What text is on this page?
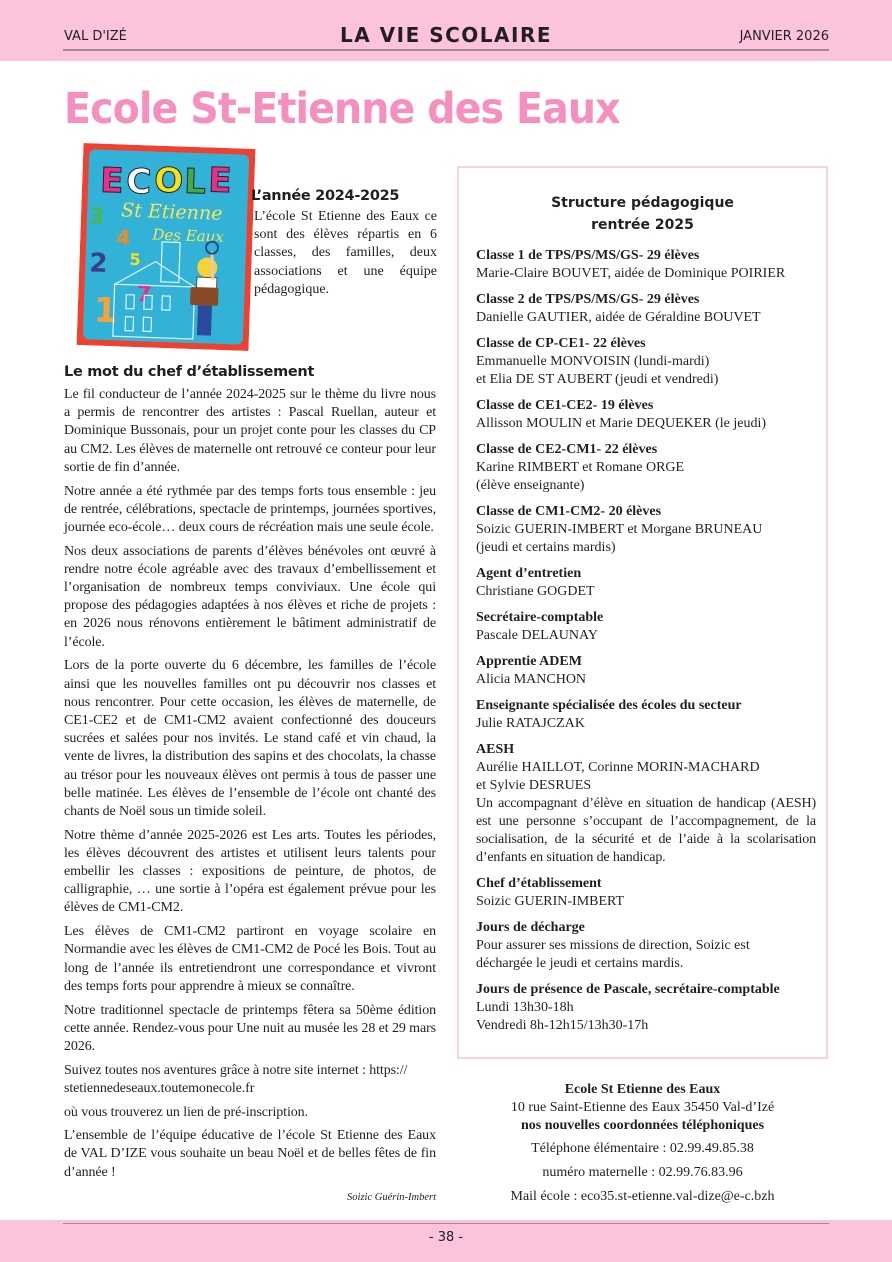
VAL D'IZÉ	LA VIE SCOLAIRE	JANVIER 2026
Ecole St-Etienne des Eaux
E C O L E
St Etienne
Des Eaux
3
4
2 5
7
1
L’année 2024-2025

L’école St Etienne des Eaux ce sont des élèves répartis en 6 classes, des familles, deux associations et une équipe pédagogique.

Le mot du chef d’établissement

Le fil conducteur de l’année 2024-2025 sur le thème du livre nous a permis de rencontrer des artistes : Pascal Ruellan, auteur et Dominique Bussonais, pour un projet conte pour les classes du CP au CM2. Les élèves de maternelle ont retrouvé ce conteur pour leur sortie de fin d’année.

Notre année a été rythmée par des temps forts tous ensemble : jeu de rentrée, célébrations, spectacle de printemps, journées sportives, journée eco-école… deux cours de récréation mais une seule école.

Nos deux associations de parents d’élèves bénévoles ont œuvré à rendre notre école agréable avec des travaux d’embellissement et l’organisation de nombreux temps conviviaux. Une école qui propose des pédagogies adaptées à nos élèves et riche de projets : en 2026 nous rénovons entièrement le bâtiment administratif de l’école.

Lors de la porte ouverte du 6 décembre, les familles de l’école ainsi que les nouvelles familles ont pu découvrir nos classes et nous rencontrer. Pour cette occasion, les élèves de maternelle, de CE1-CE2 et de CM1-CM2 avaient confectionné des douceurs sucrées et salées pour nos invités. Le stand café et vin chaud, la vente de livres, la distribution des sapins et des chocolats, la chasse au trésor pour les nouveaux élèves ont permis à tous de passer une belle matinée. Les élèves de l’ensemble de l’école ont chanté des chants de Noël sous un timide soleil.

Notre thème d’année 2025-2026 est Les arts. Toutes les périodes, les élèves découvrent des artistes et utilisent leurs talents pour embellir les classes : expositions de peinture, de photos, de calligraphie, … une sortie à l’opéra est également prévue pour les élèves de CM1-CM2.

Les élèves de CM1-CM2 partiront en voyage scolaire en Normandie avec les élèves de CM1-CM2 de Pocé les Bois. Tout au long de l’année ils entretiendront une correspondance et vivront des temps forts pour apprendre à mieux se connaître.

Notre traditionnel spectacle de printemps fêtera sa 50ème édition cette année. Rendez-vous pour Une nuit au musée les 28 et 29 mars 2026.

Suivez toutes nos aventures grâce à notre site internet : https://
stetiennedeseaux.toutemonecole.fr

où vous trouverez un lien de pré-inscription.

L’ensemble de l’équipe éducative de l’école St Etienne des Eaux de VAL D’IZE vous souhaite un beau Noël et de belles fêtes de fin d’année !

Soizic Guérin-Imbert
Structure pédagogique
rentrée 2025
Classe 1 de TPS/PS/MS/GS- 29 élèves
Marie-Claire BOUVET, aidée de Dominique POIRIER
Classe 2 de TPS/PS/MS/GS- 29 élèves
Danielle GAUTIER, aidée de Géraldine BOUVET
Classe de CP-CE1- 22 élèves
Emmanuelle MONVOISIN (lundi-mardi)
et Elia DE ST AUBERT (jeudi et vendredi)
Classe de CE1-CE2- 19 élèves
Allisson MOULIN et Marie DEQUEKER (le jeudi)
Classe de CE2-CM1- 22 élèves
Karine RIMBERT et Romane ORGE
(élève enseignante)
Classe de CM1-CM2- 20 élèves
Soizic GUERIN-IMBERT et Morgane BRUNEAU
(jeudi et certains mardis)
Agent d’entretien
Christiane GOGDET
Secrétaire-comptable
Pascale DELAUNAY
Apprentie ADEM
Alicia MANCHON
Enseignante spécialisée des écoles du secteur
Julie RATAJCZAK
AESH
Aurélie HAILLOT, Corinne MORIN-MACHARD
et Sylvie DESRUES
Un accompagnant d’élève en situation de handicap (AESH) est une personne s’occupant de l’accompagnement, de la socialisation, de la sécurité et de l’aide à la scolarisation d’enfants en situation de handicap.
Chef d’établissement
Soizic GUERIN-IMBERT
Jours de décharge
Pour assurer ses missions de direction, Soizic est
déchargée le jeudi et certains mardis.
Jours de présence de Pascale, secrétaire-comptable
Lundi 13h30-18h
Vendredi 8h-12h15/13h30-17h
Ecole St Etienne des Eaux
10 rue Saint-Etienne des Eaux 35450 Val-d’Izé
nos nouvelles coordonnées téléphoniques
Téléphone élémentaire : 02.99.49.85.38
numéro maternelle : 02.99.76.83.96
Mail école : eco35.st-etienne.val-dize@e-c.bzh
- 38 -
